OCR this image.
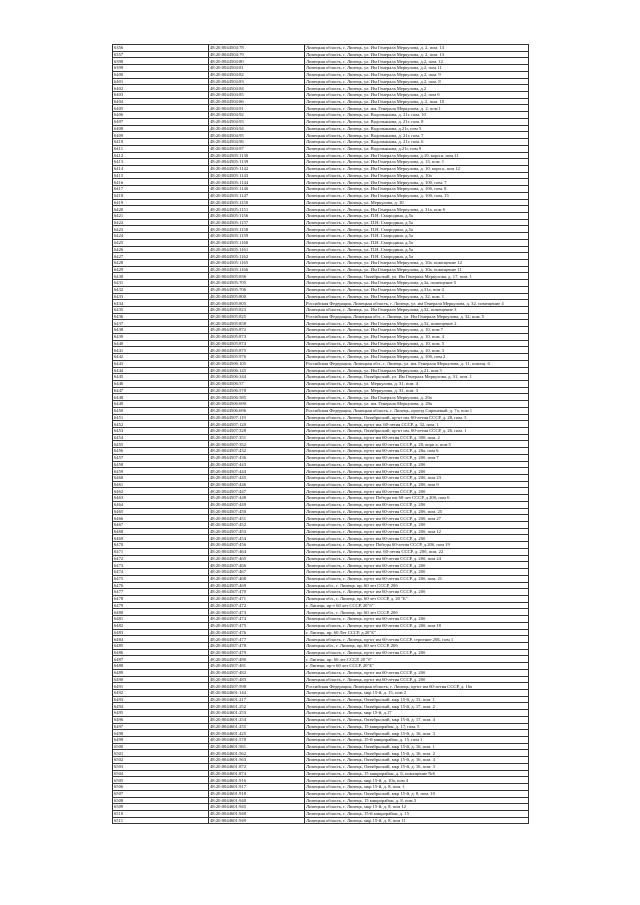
6356	48:20:0044504:78	Липецкая область, г. Липецк, ул. Им Генерала Меркулова, д. 2, пом. 14
6357	48:20:0044504:79	Липецкая область, г. Липецк, ул. Им Генерала Меркулова, д. 2, пом. 13
6398	48:20:0044504:80	Липецкая область, г. Липецк, ул. Им Генерала Меркулова, д.2, пом. 12
6399	48:20:0044504:81	Липецкая область, г. Липецк, ул. Им Генерала Меркулова, д.2, пом 11
6400	48:20:0044504:82	Липецкая область, г. Липецк, ул. Им Генерала Меркулова, д.2, пом. 9
6401	48:20:0044504:83	Липецкая область, г. Липецк, ул. Им Генерала Меркулова, д.2, пом. 8
6402	48:20:0044504:84	Липецкая область, г. Липецк, ул. Им Генерала Меркулова, д.2
6403	48:20:0044504:85	Липецкая область, г. Липецк, ул. Им Генерала Меркулова, д.2, пом 6
6404	48:20:0044504:86	Липецкая область, г. Липецк, ул. Им Генерала Меркулова, д. 2, пом. 10
6405	48:20:0044504:91	Липецкая область, г. Липецк, ул. им. Генерала Меркулова, д. 2, пом 1
6406	48:20:0044504:92	Липецкая область, г. Липецк, ул. Водопьянова, д. 21г, пом. 10
6407	48:20:0044504:93	Липецкая область, г. Липецк, ул. Водопьянова, д. 21г, пом. 8
6408	48:20:0044504:94	Липецкая область, г. Липецк, ул. Водопьянова, д.21г, пом 5
6409	48:20:0044504:95	Липецкая область, г. Липецк, ул. Водопьянова, д. 21г, пом. 7
6410	48:20:0044504:96	Липецкая область, г. Липецк, ул. Водопьянова, д. 21г, пом. 6
6411	48:20:0044504:97	Липецкая область, г. Липецк, ул. Водопьянова, д.21г, пом 9
6412	48:20:0044505:1136	Липецкая область, г. Липецк, ул. Им Генерала Меркулова, д.10, корп.к, пом 11
6413	48:20:0044505:1139	Липецкая область, г. Липецк, ул. Им Генерала Меркулова, д. 13, пом. 1
6414	48:20:0044505:1142	Липецкая область, г. Липецк, ул. Им Генерала Меркулова, д. 10, корп к, пом 12
6415	48:20:0044505:1143	Липецкая область, г. Липецк, ул. Им Генерала Меркулова, д. 10а
6416	48:20:0044505:1144	Липецкая область, г. Липецк, ул. Им Генерала Меркулова, д. 10б, пом. 7
6417	48:20:0044505:1146	Липецкая область, г. Липецк, ул. Им Генерала Меркулова, д. 10б, пом. 8
6418	48:20:0044505:1147	Липецкая область, г. Липецк, ул. Им Генерала Меркулова, д. 10б, пом. 15
6419	48:20:0044505:1150	Липецкая область, г. Липецк, ул. Меркулова, д. 10
6420	48:20:0044505:1151	Липецкая область, г. Липецк, ул. Им Генерала Меркулова, д. 31а, пом 6
6421	48:20:0044505:1156	Липецкая область, г. Липецк, ул. П.Н. Смородина, д.5а
6422	48:20:0044505:1157	Липецкая область, г. Липецк, ул. П.Н. Смородина, д.5а
6423	48:20:0044505:1158	Липецкая область, г. Липецк, ул. П.Н. Смородина, д.5а
6424	48:20:0044505:1159	Липецкая область, г. Липецк, ул. П.Н. Смородина, д.5а
6425	48:20:0044505:1160	Липецкая область, г. Липецк, ул. П.Н. Смородина, д.5а
6426	48:20:0044505:1161	Липецкая область, г. Липецк, ул. П.Н. Смородина, д.5а
6427	48:20:0044505:1162	Липецкая область, г. Липецк, ул. П.Н. Смородина, д.5а
6428	48:20:0044505:1165	Липецкая область, г. Липецк, ул. Им Генерала Меркулова, д. 10а, помещение 12
6429	48:20:0044505:1166	Липецкая область, г. Липецк, ул. Им Генерала Меркулова, д. 10а, помещение 11
6430	48:20:0044505:836	Липецкая область, г. Липецк, Октябрьский, ул. Им Генерала Меркулова, д. 17, пом. 1
6431	48:20:0044505:705	Липецкая область, г. Липецк, ул. Им Генерала Меркулова, д.3а, помещение 5
6432	48:20:0044505:706	Липецкая область, г. Липецк, ул. Им Генерала Меркулова, д.31а, пом 4
6433	48:20:0044505:800	Липецкая область, г. Липецк, ул. Им Генерала Меркулова, д. 32, пом. 1
6434	48:20:0044505:805	Российская Федерация, Липецкая область, г. Липецк, ул. им Генерала Меркулова, д. 32, помещение 4
6435	48:20:0044505:823	Липецкая область, г. Липецк, ул. Им Генерала Меркулова, д.32, помещение 3
6436	48:20:0044505:825	Российская Федерация, Липецкая обл., г. Липецк, ул. Им Генерала Меркулова, д. 32, пом. 5
6437	48:20:0044505:858	Липецкая область, г. Липецк, ул. Им Генерала Меркулова, д.32, помещение 2
6438	48:20:0044505:872	Липецкая область, г. Липецк, ул. Им Генерала Меркулова, д. 10, пом 7
6439	48:20:0044505:873	Липецкая область, г. Липецк, ул. Им Генерала Меркулова, д. 10, пом. 4
6440	48:20:0044505:874	Липецкая область, г. Липецк, ул. Им Генерала Меркулова, д. 10, пом. 5
6441	48:20:0044505:875	Липецкая область, г. Липецк, ул. Им Генерала Меркулова, д. 10, пом. 3
6442	48:20:0044505:976	Липецкая область, г. Липецк, ул. Им Генерала Меркулова, д. 10б, пом 2
6443	48:20:0044506:105	Российская Федерация, Липецкая обл., г. Липецк, ул. им. Генерала Меркулова, д. 11, помещ. 6
6444	48:20:0044506:145	Липецкая область, г. Липецк, ул. Им Генерала Меркулова, д.21, пом 5
6445	48:20:0044506:344	Липецкая область, г. Липецк, Октябрьский, ул. Им Генерала Меркулова, д. 31, пом. 1
6446	48:20:0044506:57	Липецкая область, г. Липецк, ул. Меркулова, д. 31, пом. 4
6447	48:20:0044506:578	Липецкая область, г. Липецк, ул. Меркулова, д. 31, пом. 3
6448	48:20:0044506:585	Липецкая область, г. Липецк, ул. Им Генерала Меркулова, д. 29а
6449	48:20:0044506:690	Липецкая область, г. Липецк, ул. им. Генерала Меркулова, д. 29а
6450	48:20:0044506:696	Российская Федерация, Липецкая область, г. Липецк, проезд Сиреневый, д. 7а, пом 1
6451	48:20:0044507:119	Липецкая область, г. Липецк, Октябрьский, пр-кт им. 60-летия СССР, д. 28, пом. 3
6452	48:20:0044507:120	Липецкая область, г. Липецк, пр-кт им. 60-летия СССР, д. 32, пом. 1
6453	48:20:0044507:328	Липецкая область, г. Липецк, Октябрьский, пр-кт им. 60-летия СССР, д. 26, пом. 1
6454	48:20:0044507:351	Липецкая область, г. Липецк, пр-кт им 60-летия СССР, д. 30б, пом. 2
6455	48:20:0044507:352	Липецкая область, г. Липецк, пр-кт им 60-летия СССР, д. 20, корп а, пом 5
6456	48:20:0044507:432	Липецкая область, г. Липецк, пр-кт им 60-летия СССР, д. 26а, пом 6
6457	48:20:0044507:436	Липецкая область, г. Липецк, пр-кт им 60-летия СССР, д. 20б, пом 7
6458	48:20:0044507:443	Липецкая область, г. Липецк, пр-кт им 60-летия СССР, д. 20б
6459	48:20:0044507:444	Липецкая область, г. Липецк, пр-кт им 60-летия СССР, д. 20б
6460	48:20:0044507:445	Липецкая область, г. Липецк, пр-кт им 60-летия СССР, д. 20б, пом 23
6461	48:20:0044507:446	Липецкая область, г. Липецк, пр-кт им 60-летия СССР, д. 20б, пом 9
6462	48:20:0044507:447	Липецкая область, г. Липецк, пр-кт им 60-летия СССР, д. 20б
6463	48:20:0044507:448	Липецкая область, г. Липецк, пр-кт Победы им 60-лет СССР, д 20б, пом 6
6464	48:20:0044507:449	Липецкая область, г. Липецк, пр-кт им 60-летия СССР, д. 20б
6465	48:20:0044507:450	Липецкая область, г. Липецк, пр-кт им 60-летия СССР, д. 20б, пом. 25
6466	48:20:0044507:451	Липецкая область, г. Липецк, пр-кт им 60-летия СССР, д. 20б, пом 27
6467	48:20:0044507:452	Липецкая область, г. Липецк, пр-кт им 60-летия СССР, д. 20б
6468	48:20:0044507:453	Липецкая область, г. Липецк, пр-кт им 60-летия СССР, д. 20б, пом 12
6469	48:20:0044507:454	Липецкая область, г. Липецк, пр-кт им 60-летия СССР, д. 20б
6470	48:20:0044507:456	Липецкая область, г. Липецк, пр-кт Победы 60-летия СССР, д.20б, пом 19
6471	48:20:0044507:464	Липецкая область, г. Липецк, пр-кт им. 60-летия СССР, д. 20б, пом. 22
6472	48:20:0044507:465	Липецкая область, г. Липецк, пр-кт им 60-летия СССР, д. 20б, пом 24
6473	48:20:0044507:466	Липецкая область, г. Липецк, пр-кт им 60-летия СССР, д. 20б
6474	48:20:0044507:467	Липецкая область, г. Липецк, пр-кт им 60-летия СССР, д. 20б
6475	48:20:0044507:468	Липецкая область, г. Липецк, пр-кт им 60-летия СССР, д. 20б, пом. 21
6476	48:20:0044507:469	Липецкая обл., г. Липецк, пр. 60 лет СССР, 20б
6477	48:20:0044507:470	Липецкая область, г. Липецк, пр-кт им 60-летия СССР, д. 20б
6478	48:20:0044507:471	Липецкая обл., г. Липецк, пр. 60 лет СССР, д. 20 "Б"
6479	48:20:0044507:472	г. Липецк, пр-т 60 лет СССР, 20"б"
6480	48:20:0044507:473	Липецкая обл., г. Липецк, пр. 60 лет СССР, 20б
6481	48:20:0044507:474	Липецкая область, г. Липецк, пр-кт им 60-летия СССР, д. 20б
6482	48:20:0044507:475	Липецкая область, г. Липецк, пр-кт им 60-летия СССР, д. 20б, пом 18
6483	48:20:0044507:476	г. Липецк, пр. 60 Лет СССР, д.20"Б"
6484	48:20:0044507:477	Липецкая область, г. Липецк, пр-кт им 60-летия СССР, строение 20Б, пом 1
6485	48:20:0044507:478	Липецкая обл., г. Липецк, пр. 60 лет СССР, 20б
6486	48:20:0044507:479	Липецкая область, г. Липецк, пр-кт им 60-летия СССР, д. 20б
6487	48:20:0044507:480	г. Липецк, пр. 60 лет СССР, 20 "б"
6488	48:20:0044507:481	г. Липецк, пр-т 60 лет СССР, 20"Б"
6489	48:20:0044507:482	Липецкая область, г. Липецк, пр-кт им 60-летия СССР, д. 20б
6490	48:20:0044507:483	Липецкая область, г. Липецк, пр-кт им 60-летия СССР, д. 20б
6491	48:20:0044507:598	Российская Федерация, Липецкая область, г. Липецк, пр-кт им 60-летия СССР, д. 16а
6492	48:20:0044601:144	Липецкая область, г. Липецк, мкр 15-й, д. 15, пом 2
6493	48:20:0044601:217	Липецкая область, г. Липецк, Октябрьский, мкр 15-й, д. 13, пом. 1
6494	48:20:0044601:252	Липецкая область, г. Липецк, Октябрьский, мкр 15-й, д. 17, пом. 2
6495	48:20:0044601:253	Липецкая область, г. Липецк, мкр 15-й, д.17
6496	48:20:0044601:254	Липецкая область, г. Липецк, Октябрьский, мкр 15-й, д. 17, пом. 4
6497	48:20:0044601:255	Липецкая область, г. Липецк, 15 микрорайон, д. 17, пом. 5
6498	48:20:0044601:425	Липецкая область, г. Липецк, Октябрьский, мкр 15-й, д. 16, пом. 3
6499	48:20:0044601:578	Липецкая область, г. Липецк, 15-й микрорайон, д. 15, пом 1
6500	48:20:0044601:561	Липецкая область, г. Липецк, Октябрьский, мкр 15-й, д. 16, пом. 1
6501	48:20:0044601:562	Липецкая область, г. Липецк, Октябрьский, мкр 15-й, д. 16, пом. 2
6502	48:20:0044601:563	Липецкая область, г. Липецк, Октябрьский, мкр 15-й, д. 16, пом. 4
6503	48:20:0044601:872	Липецкая область, г. Липецк, Октябрьский, мкр 15-й, д. 16, пом. 3
6504	48:20:0044601:874	Липецкая область, г. Липецк, 15 микрорайон, д. 6, помещение №6
6505	48:20:0044601:916	Липецкая область, г. Липецк, мкр 15-й, д. 10а, пом 4
6506	48:20:0044601:917	Липецкая область, г. Липецк, мкр 15-й, д. 8, пом. 1
6507	48:20:0044601:918	Липецкая область, г. Липецк, Октябрьский, мкр 15-й, д. 8, пом. 10
6508	48:20:0044601:940	Липецкая область, г. Липецк, 15 микрорайон, д. 8, пом 3
6509	48:20:0044601:945	Липецкая область, г. Липецк, мкр 15-й, д. 8, пом 12
6510	48:20:0044601:948	Липецкая область, г. Липецк, 15-й микрорайон, д. 15
6511	48:20:0044601:949	Липецкая область, г. Липецк, мкр 15-й, д. 8, пом 11
